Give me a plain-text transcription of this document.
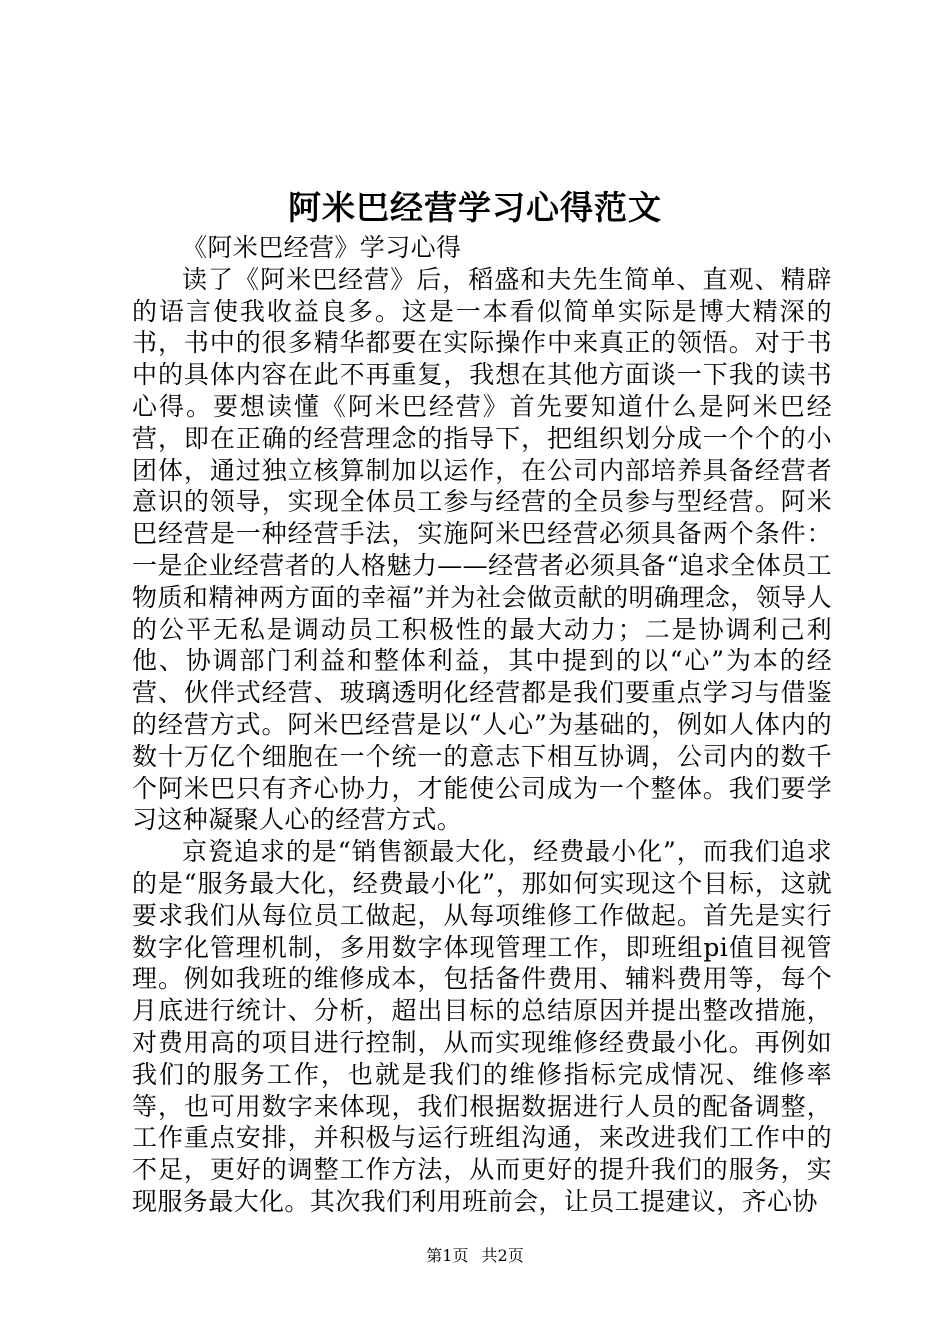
阿米巴经营学习心得范文

《阿米巴经营》学习心得

读了《阿米巴经营》后，稻盛和夫先生简单、直观、精辟的语言使我收益良多。这是一本看似简单实际是博大精深的书，书中的很多精华都要在实际操作中来真正的领悟。对于书中的具体内容在此不再重复，我想在其他方面谈一下我的读书心得。要想读懂《阿米巴经营》首先要知道什么是阿米巴经营，即在正确的经营理念的指导下，把组织划分成一个个的小团体，通过独立核算制加以运作，在公司内部培养具备经营者意识的领导，实现全体员工参与经营的全员参与型经营。阿米巴经营是一种经营手法，实施阿米巴经营必须具备两个条件：一是企业经营者的人格魅力——经营者必须具备“追求全体员工物质和精神两方面的幸福”并为社会做贡献的明确理念，领导人的公平无私是调动员工积极性的最大动力；二是协调利己利他、协调部门利益和整体利益，其中提到的以“心”为本的经营、伙伴式经营、玻璃透明化经营都是我们要重点学习与借鉴的经营方式。阿米巴经营是以“人心”为基础的，例如人体内的数十万亿个细胞在一个统一的意志下相互协调，公司内的数千个阿米巴只有齐心协力，才能使公司成为一个整体。我们要学习这种凝聚人心的经营方式。

京瓷追求的是“销售额最大化，经费最小化”，而我们追求的是“服务最大化，经费最小化”，那如何实现这个目标，这就要求我们从每位员工做起，从每项维修工作做起。首先是实行数字化管理机制，多用数字体现管理工作，即班组pi值目视管理。例如我班的维修成本，包括备件费用、辅料费用等，每个月底进行统计、分析，超出目标的总结原因并提出整改措施，对费用高的项目进行控制，从而实现维修经费最小化。再例如我们的服务工作，也就是我们的维修指标完成情况、维修率等，也可用数字来体现，我们根据数据进行人员的配备调整，工作重点安排，并积极与运行班组沟通，来改进我们工作中的不足，更好的调整工作方法，从而更好的提升我们的服务，实现服务最大化。其次我们利用班前会，让员工提建议，齐心协

第1页 共2页
